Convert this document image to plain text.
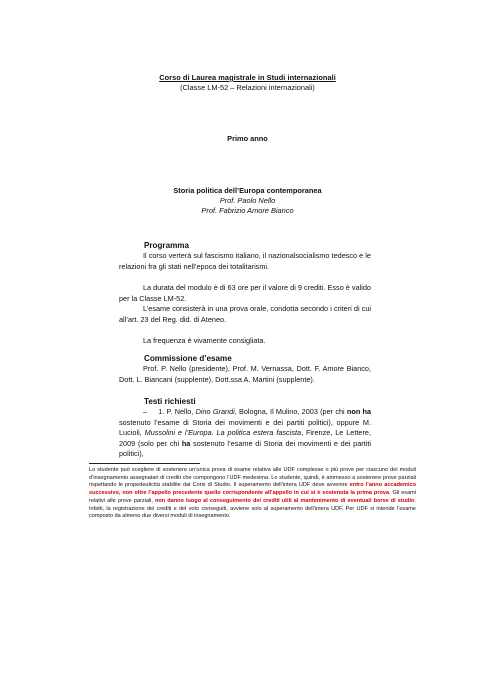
Corso di Laurea magistrale in Studi internazionali
(Classe LM-52 – Relazioni internazionali)
Primo anno
Storia politica dell’Europa contemporanea
Prof. Paolo Nello
Prof. Fabrizio Amore Bianco
Programma
Il corso verterà sul fascismo italiano, il nazionalsocialismo tedesco e le relazioni fra gli stati nell’epoca dei totalitarismi.
La durata del modulo è di 63 ore per il valore di 9 crediti. Esso è valido per la Classe LM-52.
L’esame consisterà in una prova orale, condotta secondo i criteri di cui all’art. 23 del Reg. did. di Ateneo.
La frequenza è vivamente consigliata.
Commissione d’esame
Prof. P. Nello (presidente), Prof. M. Vernassa, Dott. F. Amore Bianco, Dott. L. Biancani (supplente), Dott.ssa A. Martini (supplente).
Testi richiesti
– 1. P. Nello, Dino Grandi, Bologna, Il Mulino, 2003 (per chi non ha sostenuto l’esame di Storia dei movimenti e dei partiti politici), oppure M. Lucioli, Mussolini e l’Europa. La politica estera fascista, Firenze, Le Lettere, 2009 (solo per chi ha sostenuto l’esame di Storia dei movimenti e dei partiti politici),
Lo studente può scegliere di sostenere un’unica prova di esame relativa alle UDF complesse o più prove per ciascuno dei moduli d’insegnamento assegnatari di crediti che compongono l’UDF medesima. Lo studente, quindi, è ammesso a sostenere prove parziali rispettando le propedeuticità stabilite dai Corsi di Studio. Il superamento dell’intera UDF deve avvenire entro l’anno accademico successivo, non oltre l’appello precedente quello corrispondente all’appello in cui si è sostenuta la prima prova. Gli esami relativi alle prove parziali, non danno luogo al conseguimento dei crediti utili al mantenimento di eventuali borse di studio. Infatti, la registrazione dei crediti e del voto conseguiti, avviene solo al superamento dell’intera UDF. Per UDF si intende l’esame composto da almeno due diversi moduli di insegnamento.
